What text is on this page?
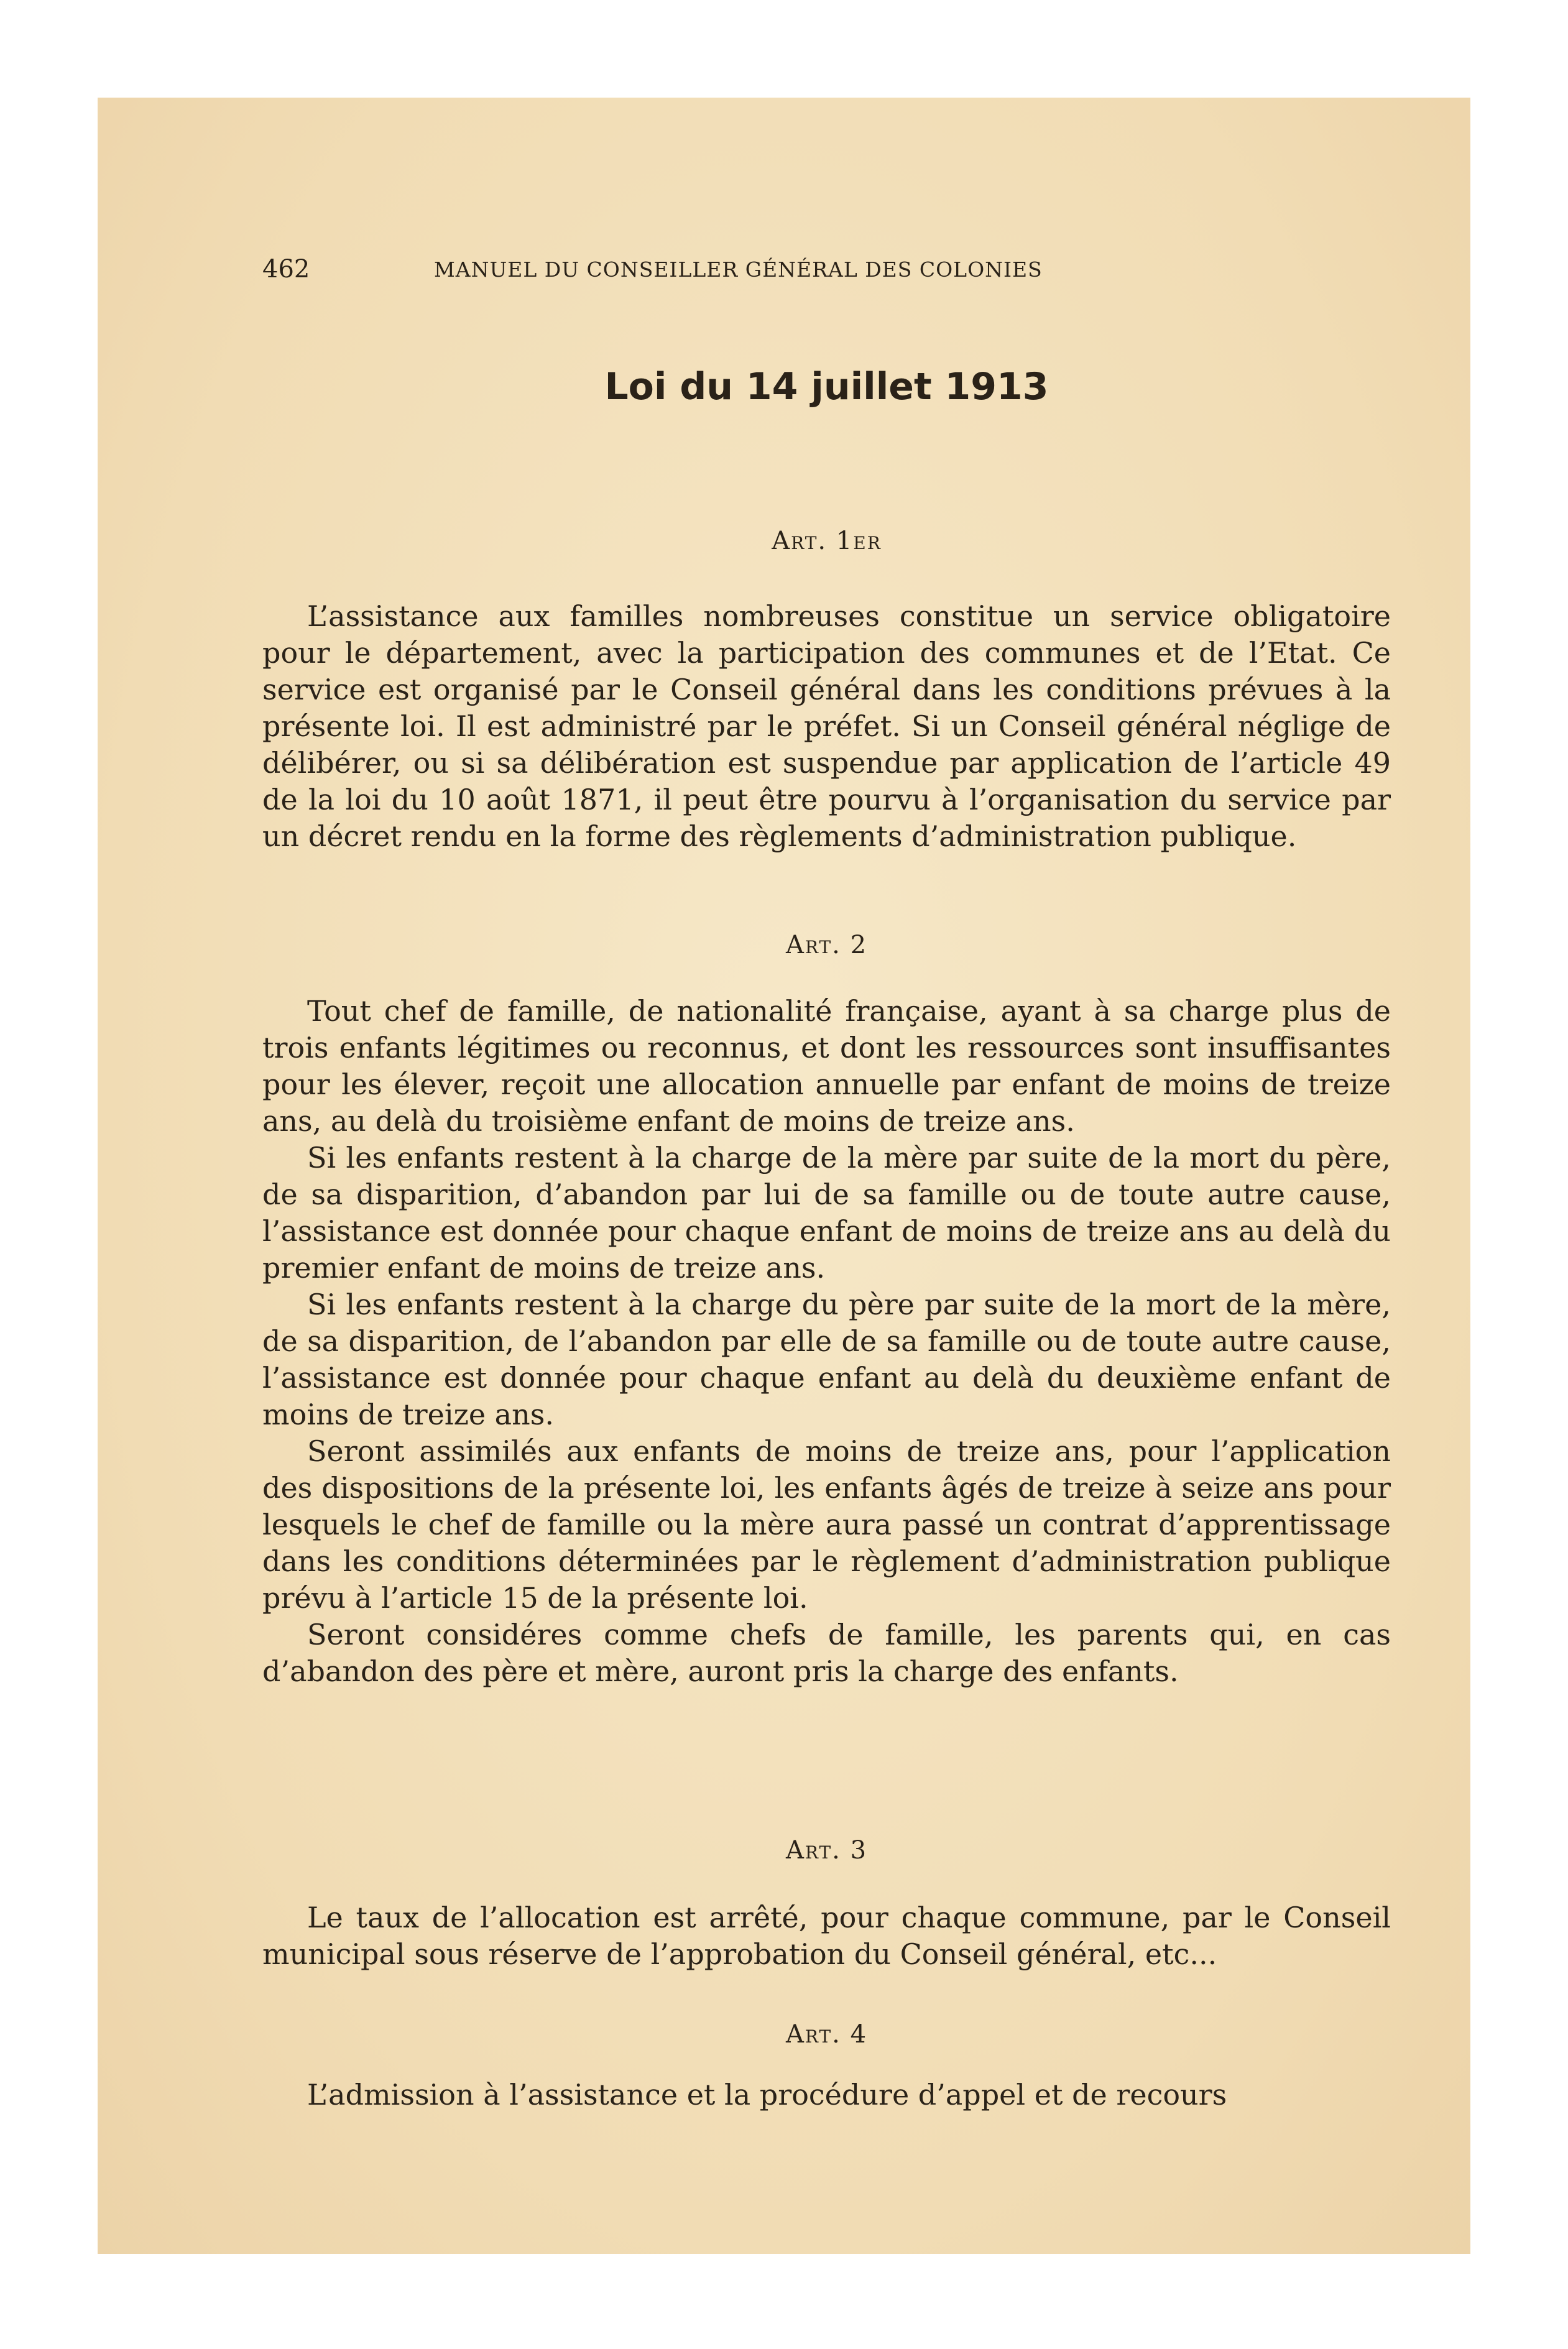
462	MANUEL DU CONSEILLER GÉNÉRAL DES COLONIES
Loi du 14 juillet 1913
Art. 1er

L’assistance aux familles nombreuses constitue un service obligatoire pour le département, avec la participation des communes et de l’Etat. Ce service est organisé par le Conseil général dans les conditions prévues à la présente loi. Il est administré par le préfet. Si un Conseil général néglige de délibérer, ou si sa délibération est suspendue par application de l’article 49 de la loi du 10 août 1871, il peut être pourvu à l’organisation du service par un décret rendu en la forme des règlements d’administration publique.

Art. 2

Tout chef de famille, de nationalité française, ayant à sa charge plus de trois enfants légitimes ou reconnus, et dont les ressources sont insuffisantes pour les élever, reçoit une allocation annuelle par enfant de moins de treize ans, au delà du troisième enfant de moins de treize ans.

Si les enfants restent à la charge de la mère par suite de la mort du père, de sa disparition, d’abandon par lui de sa famille ou de toute autre cause, l’assistance est donnée pour chaque enfant de moins de treize ans au delà du premier enfant de moins de treize ans.

Si les enfants restent à la charge du père par suite de la mort de la mère, de sa disparition, de l’abandon par elle de sa famille ou de toute autre cause, l’assistance est donnée pour chaque enfant au delà du deuxième enfant de moins de treize ans.

Seront assimilés aux enfants de moins de treize ans, pour l’application des dispositions de la présente loi, les enfants âgés de treize à seize ans pour lesquels le chef de famille ou la mère aura passé un contrat d’apprentissage dans les conditions déterminées par le règlement d’administration publique prévu à l’article 15 de la présente loi.

Seront considéres comme chefs de famille, les parents qui, en cas d’abandon des père et mère, auront pris la charge des enfants.

Art. 3

Le taux de l’allocation est arrêté, pour chaque commune, par le Conseil municipal sous réserve de l’approbation du Conseil général, etc...

Art. 4

L’admission à l’assistance et la procédure d’appel et de recours
